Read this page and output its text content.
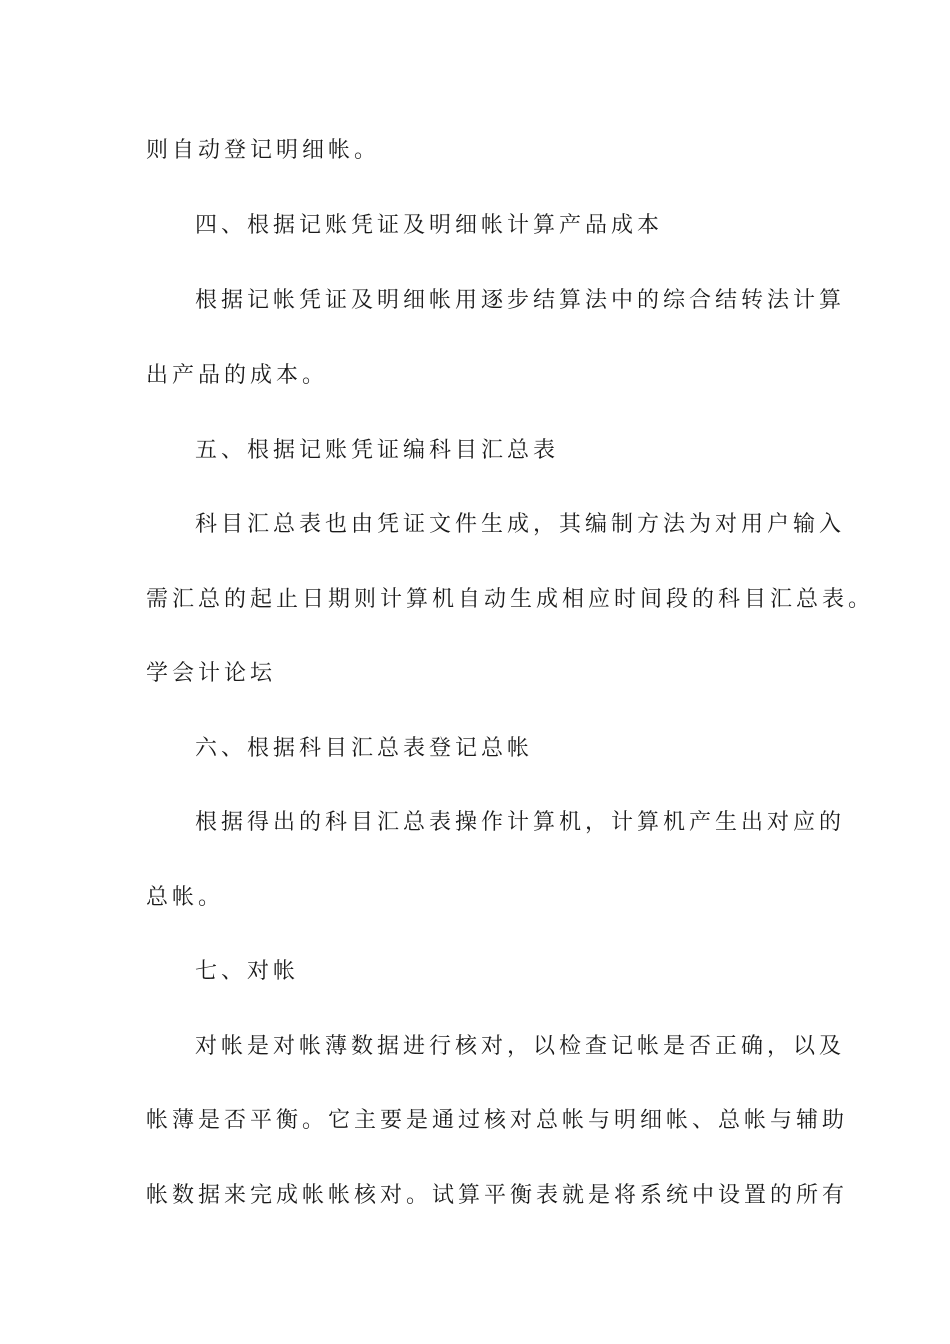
则自动登记明细帐。
四、根据记账凭证及明细帐计算产品成本
根据记帐凭证及明细帐用逐步结算法中的综合结转法计算
出产品的成本。
五、根据记账凭证编科目汇总表
科目汇总表也由凭证文件生成，其编制方法为对用户输入
需汇总的起止日期则计算机自动生成相应时间段的科目汇总表。
学会计论坛
六、根据科目汇总表登记总帐
根据得出的科目汇总表操作计算机，计算机产生出对应的
总帐。
七、对帐
对帐是对帐薄数据进行核对，以检查记帐是否正确，以及
帐薄是否平衡。它主要是通过核对总帐与明细帐、总帐与辅助
帐数据来完成帐帐核对。试算平衡表就是将系统中设置的所有
